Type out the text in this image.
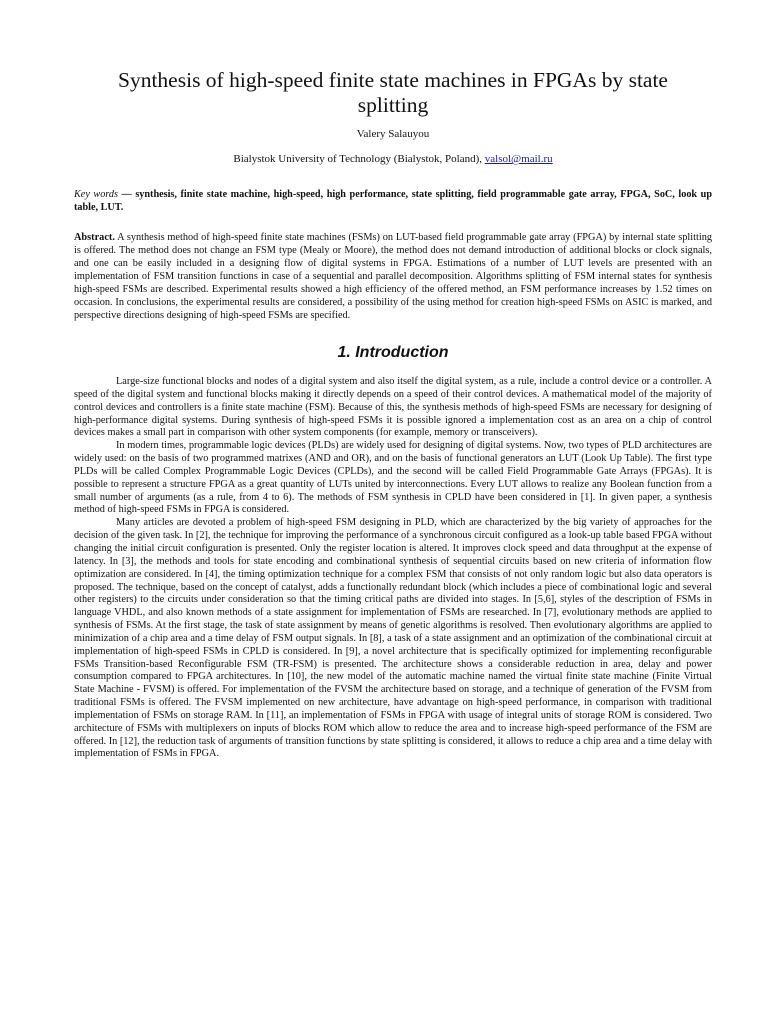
Synthesis of high-speed finite state machines in FPGAs by state splitting
Valery Salauyou
Bialystok University of Technology (Bialystok, Poland), valsol@mail.ru

Key words — synthesis, finite state machine, high-speed, high performance, state splitting, field programmable gate array, FPGA, SoC, look up table, LUT.

Abstract. A synthesis method of high-speed finite state machines (FSMs) on LUT-based field programmable gate array (FPGA) by internal state splitting is offered. The method does not change an FSM type (Mealy or Moore), the method does not demand introduction of additional blocks or clock signals, and one can be easily included in a designing flow of digital systems in FPGA. Estimations of a number of LUT levels are presented with an implementation of FSM transition functions in case of a sequential and parallel decomposition. Algorithms splitting of FSM internal states for synthesis high-speed FSMs are described. Experimental results showed a high efficiency of the offered method, an FSM performance increases by 1.52 times on occasion. In conclusions, the experimental results are considered, a possibility of the using method for creation high-speed FSMs on ASIC is marked, and perspective directions designing of high-speed FSMs are specified.

1. Introduction

Large-size functional blocks and nodes of a digital system and also itself the digital system, as a rule, include a control device or a controller. A speed of the digital system and functional blocks making it directly depends on a speed of their control devices. A mathematical model of the majority of control devices and controllers is a finite state machine (FSM). Because of this, the synthesis methods of high-speed FSMs are necessary for designing of high-performance digital systems. During synthesis of high-speed FSMs it is possible ignored a implementation cost as an area on a chip of control devices makes a small part in comparison with other system components (for example, memory or transceivers).

In modern times, programmable logic devices (PLDs) are widely used for designing of digital systems. Now, two types of PLD architectures are widely used: on the basis of two programmed matrixes (AND and OR), and on the basis of functional generators an LUT (Look Up Table). The first type PLDs will be called Complex Programmable Logic Devices (CPLDs), and the second will be called Field Programmable Gate Arrays (FPGAs). It is possible to represent a structure FPGA as a great quantity of LUTs united by interconnections. Every LUT allows to realize any Boolean function from a small number of arguments (as a rule, from 4 to 6). The methods of FSM synthesis in CPLD have been considered in [1]. In given paper, a synthesis method of high-speed FSMs in FPGA is considered.

Many articles are devoted a problem of high-speed FSM designing in PLD, which are characterized by the big variety of approaches for the decision of the given task. In [2], the technique for improving the performance of a synchronous circuit configured as a look-up table based FPGA without changing the initial circuit configuration is presented. Only the register location is altered. It improves clock speed and data throughput at the expense of latency. In [3], the methods and tools for state encoding and combinational synthesis of sequential circuits based on new criteria of information flow optimization are considered. In [4], the timing optimization technique for a complex FSM that consists of not only random logic but also data operators is proposed. The technique, based on the concept of catalyst, adds a functionally redundant block (which includes a piece of combinational logic and several other registers) to the circuits under consideration so that the timing critical paths are divided into stages. In [5,6], styles of the description of FSMs in language VHDL, and also known methods of a state assignment for implementation of FSMs are researched. In [7], evolutionary methods are applied to synthesis of FSMs. At the first stage, the task of state assignment by means of genetic algorithms is resolved. Then evolutionary algorithms are applied to minimization of a chip area and a time delay of FSM output signals. In [8], a task of a state assignment and an optimization of the combinational circuit at implementation of high-speed FSMs in CPLD is considered. In [9], a novel architecture that is specifically optimized for implementing reconfigurable FSMs Transition-based Reconfigurable FSM (TR-FSM) is presented. The architecture shows a considerable reduction in area, delay and power consumption compared to FPGA architectures. In [10], the new model of the automatic machine named the virtual finite state machine (Finite Virtual State Machine - FVSM) is offered. For implementation of the FVSM the architecture based on storage, and a technique of generation of the FVSM from traditional FSMs is offered. The FVSM implemented on new architecture, have advantage on high-speed performance, in comparison with traditional implementation of FSMs on storage RAM. In [11], an implementation of FSMs in FPGA with usage of integral units of storage ROM is considered. Two architecture of FSMs with multiplexers on inputs of blocks ROM which allow to reduce the area and to increase high-speed performance of the FSM are offered. In [12], the reduction task of arguments of transition functions by state splitting is considered, it allows to reduce a chip area and a time delay with implementation of FSMs in FPGA.
